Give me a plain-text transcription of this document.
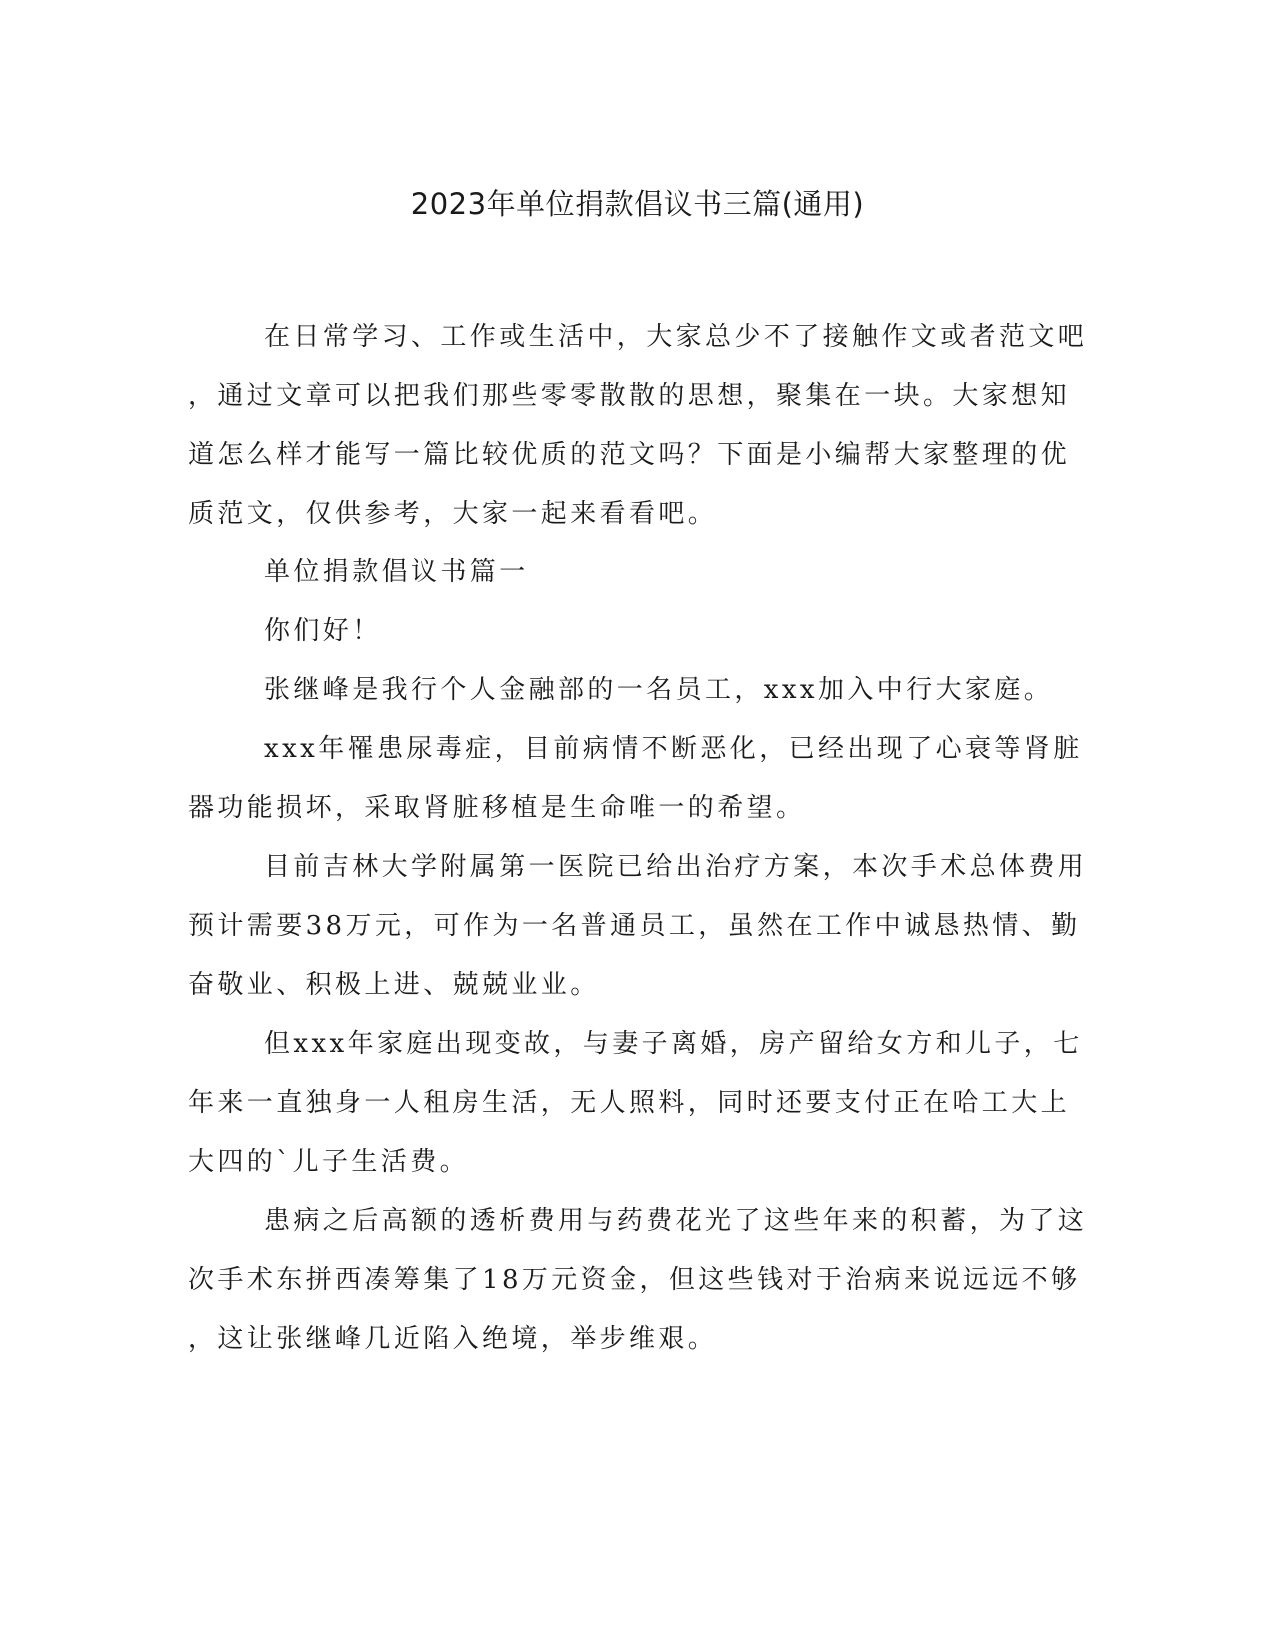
2023年单位捐款倡议书三篇(通用)
在日常学习、工作或生活中，大家总少不了接触作文或者范文吧
，通过文章可以把我们那些零零散散的思想，聚集在一块。大家想知
道怎么样才能写一篇比较优质的范文吗？下面是小编帮大家整理的优
质范文，仅供参考，大家一起来看看吧。
单位捐款倡议书篇一
你们好！
张继峰是我行个人金融部的一名员工，xxx加入中行大家庭。
xxx年罹患尿毒症，目前病情不断恶化，已经出现了心衰等肾脏
器功能损坏，采取肾脏移植是生命唯一的希望。
目前吉林大学附属第一医院已给出治疗方案，本次手术总体费用
预计需要38万元，可作为一名普通员工，虽然在工作中诚恳热情、勤
奋敬业、积极上进、兢兢业业。
但xxx年家庭出现变故，与妻子离婚，房产留给女方和儿子，七
年来一直独身一人租房生活，无人照料，同时还要支付正在哈工大上
大四的`儿子生活费。
患病之后高额的透析费用与药费花光了这些年来的积蓄，为了这
次手术东拼西凑筹集了18万元资金，但这些钱对于治病来说远远不够
，这让张继峰几近陷入绝境，举步维艰。
